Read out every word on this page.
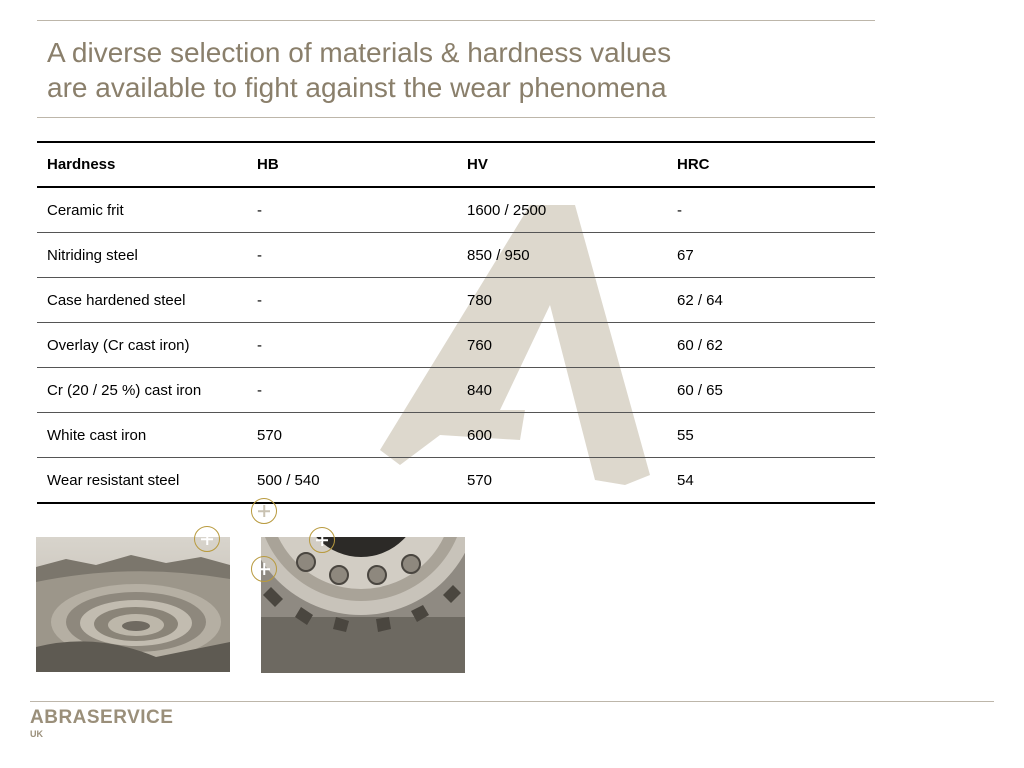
A diverse selection of materials & hardness values
are available to fight against the wear phenomena
Hardness	HB	HV	HRC
Ceramic frit	-	1600 / 2500	-
Nitriding steel	-	850 / 950	67
Case hardened steel	-	780	62 / 64
Overlay (Cr cast iron)	-	760	60 / 62
Cr (20 / 25 %) cast iron	-	840	60 / 65
White cast iron	570	600	55
Wear resistant steel	500 / 540	570	54
ABRASERVICE
UK
